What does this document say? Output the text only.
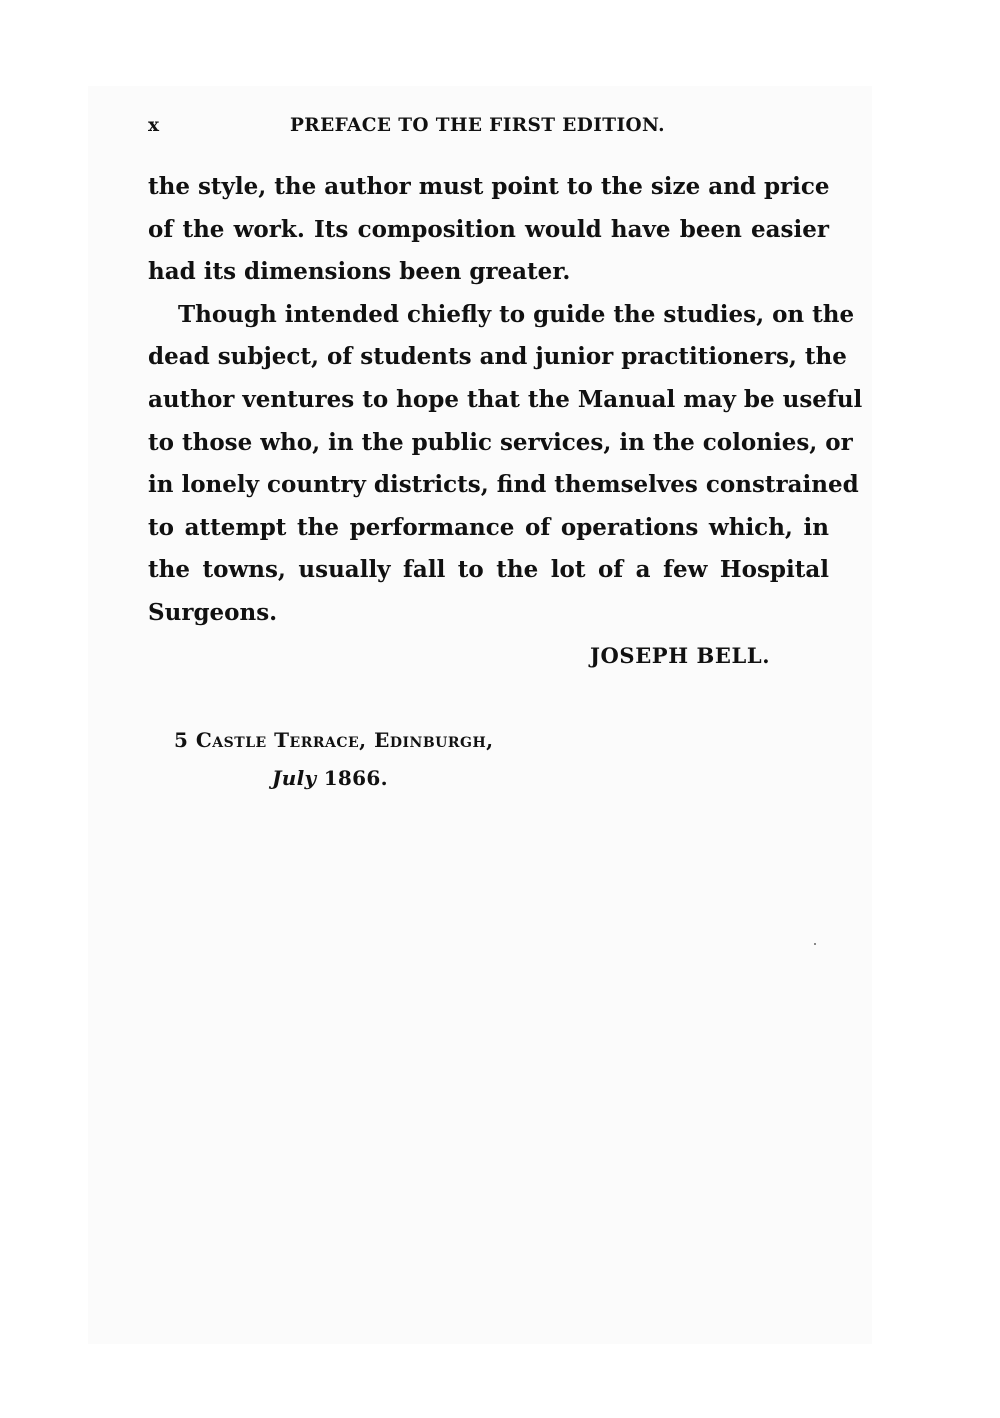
x	PREFACE TO THE FIRST EDITION.
the style, the author must point to the size and price
of the work. Its composition would have been easier
had its dimensions been greater.
Though intended chiefly to guide the studies, on the
dead subject, of students and junior practitioners, the
author ventures to hope that the Manual may be useful
to those who, in the public services, in the colonies, or
in lonely country districts, find themselves constrained
to attempt the performance of operations which, in
the towns, usually fall to the lot of a few Hospital
Surgeons.
JOSEPH BELL.
5 Castle Terrace, Edinburgh,
July 1866.
